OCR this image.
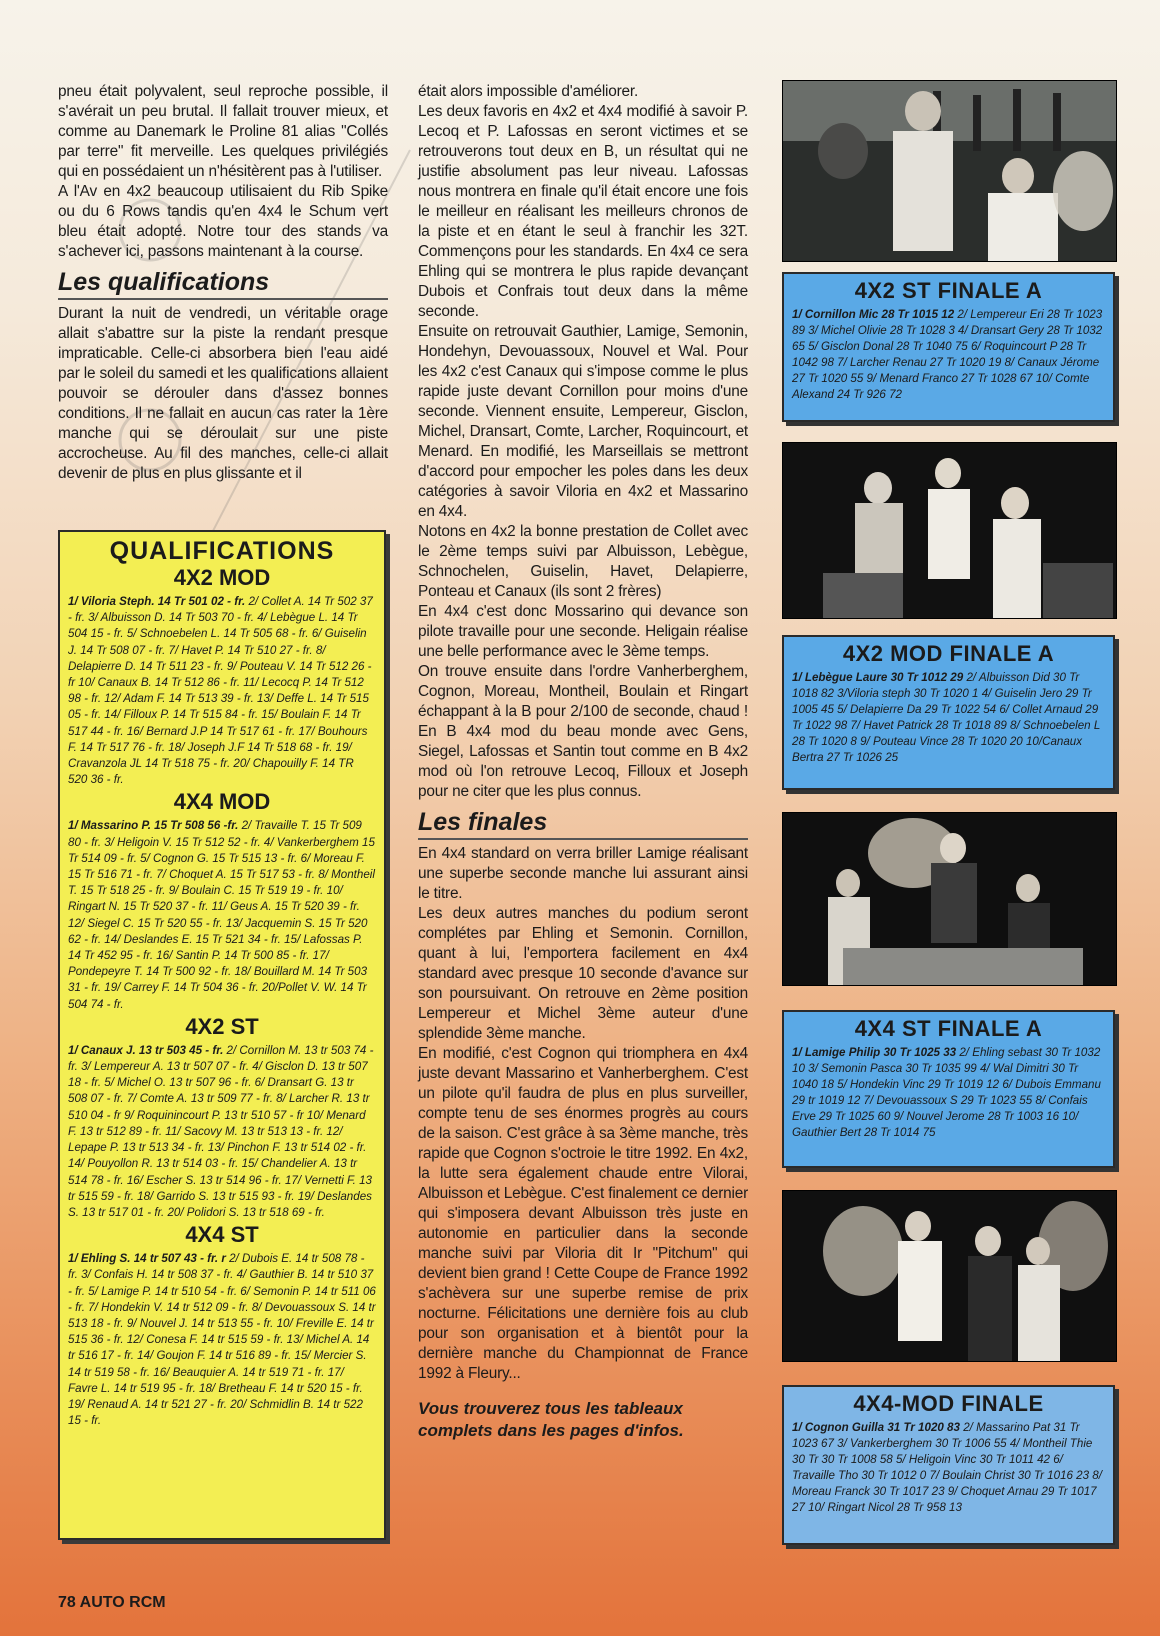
pneu était polyvalent, seul reproche possible, il s'avérait un peu brutal. Il fallait trouver mieux, et comme au Danemark le Proline 81 alias "Collés par terre" fit merveille. Les quelques privilégiés qui en possédaient un n'hésitèrent pas à l'utiliser.

A l'Av en 4x2 beaucoup utilisaient du Rib Spike ou du 6 Rows tandis qu'en 4x4 le Schum vert bleu était adopté. Notre tour des stands va s'achever ici, passons maintenant à la course.

Les qualifications

Durant la nuit de vendredi, un véritable orage allait s'abattre sur la piste la rendant presque impraticable. Celle-ci absorbera bien l'eau aidé par le soleil du samedi et les qualifications allaient pouvoir se dérouler dans d'assez bonnes conditions. Il ne fallait en aucun cas rater la 1ère manche qui se déroulait sur une piste accrocheuse. Au fil des manches, celle-ci allait devenir de plus en plus glissante et il

QUALIFICATIONS
4X2 MOD

1/ Viloria Steph. 14 Tr 501 02 - fr. 2/ Collet A. 14 Tr 502 37 - fr. 3/ Albuisson D. 14 Tr 503 70 - fr. 4/ Lebègue L. 14 Tr 504 15 - fr. 5/ Schnoebelen L. 14 Tr 505 68 - fr. 6/ Guiselin J. 14 Tr 508 07 - fr. 7/ Havet P. 14 Tr 510 27 - fr. 8/ Delapierre D. 14 Tr 511 23 - fr. 9/ Pouteau V. 14 Tr 512 26 - fr 10/ Canaux B. 14 Tr 512 86 - fr. 11/ Lecocq P. 14 Tr 512 98 - fr. 12/ Adam F. 14 Tr 513 39 - fr. 13/ Deffe L. 14 Tr 515 05 - fr. 14/ Filloux P. 14 Tr 515 84 - fr. 15/ Boulain F. 14 Tr 517 44 - fr. 16/ Bernard J.P 14 Tr 517 61 - fr. 17/ Bouhours F. 14 Tr 517 76 - fr. 18/ Joseph J.F 14 Tr 518 68 - fr. 19/ Cravanzola JL 14 Tr 518 75 - fr. 20/ Chapouilly F. 14 TR 520 36 - fr.

4X4 MOD

1/ Massarino P. 15 Tr 508 56 -fr. 2/ Travaille T. 15 Tr 509 80 - fr. 3/ Heligoin V. 15 Tr 512 52 - fr. 4/ Vankerberghem 15 Tr 514 09 - fr. 5/ Cognon G. 15 Tr 515 13 - fr. 6/ Moreau F. 15 Tr 516 71 - fr. 7/ Choquet A. 15 Tr 517 53 - fr. 8/ Montheil T. 15 Tr 518 25 - fr. 9/ Boulain C. 15 Tr 519 19 - fr. 10/ Ringart N. 15 Tr 520 37 - fr. 11/ Geus A. 15 Tr 520 39 - fr. 12/ Siegel C. 15 Tr 520 55 - fr. 13/ Jacquemin S. 15 Tr 520 62 - fr. 14/ Deslandes E. 15 Tr 521 34 - fr. 15/ Lafossas P. 14 Tr 452 95 - fr. 16/ Santin P. 14 Tr 500 85 - fr. 17/ Pondepeyre T. 14 Tr 500 92 - fr. 18/ Bouillard M. 14 Tr 503 31 - fr. 19/ Carrey F. 14 Tr 504 36 - fr. 20/Pollet V. W. 14 Tr 504 74 - fr.

4X2 ST

1/ Canaux J. 13 tr 503 45 - fr. 2/ Cornillon M. 13 tr 503 74 - fr. 3/ Lempereur A. 13 tr 507 07 - fr. 4/ Gisclon D. 13 tr 507 18 - fr. 5/ Michel O. 13 tr 507 96 - fr. 6/ Dransart G. 13 tr 508 07 - fr. 7/ Comte A. 13 tr 509 77 - fr. 8/ Larcher R. 13 tr 510 04 - fr 9/ Roquinincourt P. 13 tr 510 57 - fr 10/ Menard F. 13 tr 512 89 - fr. 11/ Sacovy M. 13 tr 513 13 - fr. 12/ Lepape P. 13 tr 513 34 - fr. 13/ Pinchon F. 13 tr 514 02 - fr. 14/ Pouyollon R. 13 tr 514 03 - fr. 15/ Chandelier A. 13 tr 514 78 - fr. 16/ Escher S. 13 tr 514 96 - fr. 17/ Vernetti F. 13 tr 515 59 - fr. 18/ Garrido S. 13 tr 515 93 - fr. 19/ Deslandes S. 13 tr 517 01 - fr. 20/ Polidori S. 13 tr 518 69 - fr.

4X4 ST

1/ Ehling S. 14 tr 507 43 - fr. r 2/ Dubois E. 14 tr 508 78 - fr. 3/ Confais H. 14 tr 508 37 - fr. 4/ Gauthier B. 14 tr 510 37 - fr. 5/ Lamige P. 14 tr 510 54 - fr. 6/ Semonin P. 14 tr 511 06 - fr. 7/ Hondekin V. 14 tr 512 09 - fr. 8/ Devouassoux S. 14 tr 513 18 - fr. 9/ Nouvel J. 14 tr 513 55 - fr. 10/ Freville E. 14 tr 515 36 - fr. 12/ Conesa F. 14 tr 515 59 - fr. 13/ Michel A. 14 tr 516 17 - fr. 14/ Goujon F. 14 tr 516 89 - fr. 15/ Mercier S. 14 tr 519 58 - fr. 16/ Beauquier A. 14 tr 519 71 - fr. 17/ Favre L. 14 tr 519 95 - fr. 18/ Bretheau F. 14 tr 520 15 - fr. 19/ Renaud A. 14 tr 521 27 - fr. 20/ Schmidlin B. 14 tr 522 15 - fr.

était alors impossible d'améliorer.

Les deux favoris en 4x2 et 4x4 modifié à savoir P. Lecoq et P. Lafossas en seront victimes et se retrouverons tout deux en B, un résultat qui ne justifie absolument pas leur niveau. Lafossas nous montrera en finale qu'il était encore une fois le meilleur en réalisant les meilleurs chronos de la piste et en étant le seul à franchir les 32T. Commençons pour les standards. En 4x4 ce sera Ehling qui se montrera le plus rapide devançant Dubois et Confrais tout deux dans la même seconde.

Ensuite on retrouvait Gauthier, Lamige, Semonin, Hondehyn, Devouassoux, Nouvel et Wal. Pour les 4x2 c'est Canaux qui s'impose comme le plus rapide juste devant Cornillon pour moins d'une seconde. Viennent ensuite, Lempereur, Gisclon, Michel, Dransart, Comte, Larcher, Roquincourt, et Menard. En modifié, les Marseillais se mettront d'accord pour empocher les poles dans les deux catégories à savoir Viloria en 4x2 et Massarino en 4x4.

Notons en 4x2 la bonne prestation de Collet avec le 2ème temps suivi par Albuisson, Lebègue, Schnochelen, Guiselin, Havet, Delapierre, Ponteau et Canaux (ils sont 2 frères)

En 4x4 c'est donc Mossarino qui devance son pilote travaille pour une seconde. Heligain réalise une belle performance avec le 3ème temps.

On trouve ensuite dans l'ordre Vanherberghem, Cognon, Moreau, Montheil, Boulain et Ringart échappant à la B pour 2/100 de seconde, chaud ! En B 4x4 mod du beau monde avec Gens, Siegel, Lafossas et Santin tout comme en B 4x2 mod où l'on retrouve Lecoq, Filloux et Joseph pour ne citer que les plus connus.

Les finales

En 4x4 standard on verra briller Lamige réalisant une superbe seconde manche lui assurant ainsi le titre.

Les deux autres manches du podium seront complétes par Ehling et Semonin. Cornillon, quant à lui, l'emportera facilement en 4x4 standard avec presque 10 seconde d'avance sur son poursuivant. On retrouve en 2ème position Lempereur et Michel 3ème auteur d'une splendide 3ème manche.

En modifié, c'est Cognon qui triomphera en 4x4 juste devant Massarino et Vanherberghem. C'est un pilote qu'il faudra de plus en plus surveiller, compte tenu de ses énormes progrès au cours de la saison. C'est grâce à sa 3ème manche, très rapide que Cognon s'octroie le titre 1992. En 4x2, la lutte sera également chaude entre Vilorai, Albuisson et Lebègue. C'est finalement ce dernier qui s'imposera devant Albuisson très juste en autonomie en particulier dans la seconde manche suivi par Viloria dit Ir "Pitchum" qui devient bien grand ! Cette Coupe de France 1992 s'achèvera sur une superbe remise de prix nocturne. Félicitations une dernière fois au club pour son organisation et à bientôt pour la dernière manche du Championnat de France 1992 à Fleury...

Vous trouverez tous les tableaux complets dans les pages d'infos.

4X2 ST FINALE A

1/ Cornillon Mic 28 Tr 1015 12 2/ Lempereur Eri 28 Tr 1023 89 3/ Michel Olivie 28 Tr 1028 3 4/ Dransart Gery 28 Tr 1032 65 5/ Gisclon Donal 28 Tr 1040 75 6/ Roquincourt P 28 Tr 1042 98 7/ Larcher Renau 27 Tr 1020 19 8/ Canaux Jérome 27 Tr 1020 55 9/ Menard Franco 27 Tr 1028 67 10/ Comte Alexand 24 Tr 926 72

4X2 MOD FINALE A

1/ Lebègue Laure 30 Tr 1012 29 2/ Albuisson Did 30 Tr 1018 82 3/Viloria steph 30 Tr 1020 1 4/ Guiselin Jero 29 Tr 1005 45 5/ Delapierre Da 29 Tr 1022 54 6/ Collet Arnaud 29 Tr 1022 98 7/ Havet Patrick 28 Tr 1018 89 8/ Schnoebelen L 28 Tr 1020 8 9/ Pouteau Vince 28 Tr 1020 20 10/Canaux Bertra 27 Tr 1026 25

4X4 ST FINALE A

1/ Lamige Philip 30 Tr 1025 33 2/ Ehling sebast 30 Tr 1032 10 3/ Semonin Pasca 30 Tr 1035 99 4/ Wal Dimitri 30 Tr 1040 18 5/ Hondekin Vinc 29 Tr 1019 12 6/ Dubois Emmanu 29 tr 1019 12 7/ Devouassoux S 29 Tr 1023 55 8/ Confais Erve 29 Tr 1025 60 9/ Nouvel Jerome 28 Tr 1003 16 10/ Gauthier Bert 28 Tr 1014 75

4X4-MOD FINALE

1/ Cognon Guilla 31 Tr 1020 83 2/ Massarino Pat 31 Tr 1023 67 3/ Vankerberghem 30 Tr 1006 55 4/ Montheil Thie 30 Tr 30 Tr 1008 58 5/ Heligoin Vinc 30 Tr 1011 42 6/ Travaille Tho 30 Tr 1012 0 7/ Boulain Christ 30 Tr 1016 23 8/ Moreau Franck 30 Tr 1017 23 9/ Choquet Arnau 29 Tr 1017 27 10/ Ringart Nicol 28 Tr 958 13

78 AUTO RCM
